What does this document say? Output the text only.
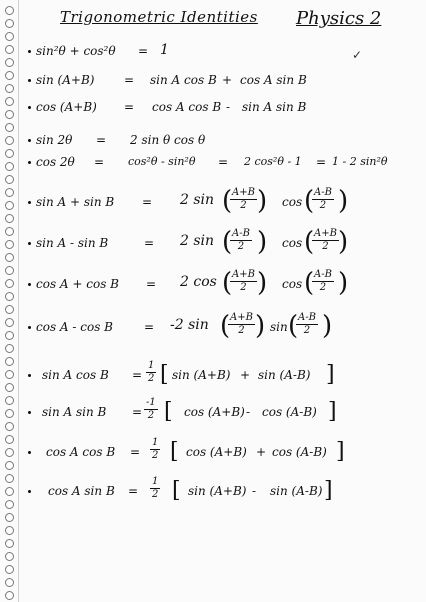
Trigonometric Identities Physics 2
✓
sin²θ + cos²θ = 1
sin (A+B) = sin A cos B + cos A sin B
cos (A+B) = cos A cos B - sin A sin B
sin 2θ = 2 sin θ cos θ
cos 2θ = cos²θ - sin²θ = 2 cos²θ - 1 = 1 - 2 sin²θ
sin A + sin B = 2 sin (
$\frac{A+B}{2}$ ) cos (
$\frac{A-B}{2}$ )
sin A - sin B	= 2 sin (
$\frac{A-B}{2}$ ) cos (
$\frac{A+B}{2}$ )
cos A + cos B = 2 cos (
$\frac{A+B}{2}$ ) cos (
$\frac{A-B}{2}$ )
cos A - cos B	= -2 sin (
$\frac{A+B}{2}$ ) sin (
$\frac{A-B}{2}$ )
sin A $\cos B = \frac{1}{2}$ [ sin (A+B) + sin (A-B) ]
sin A $\sin B = \frac{-1}{2}$ [ cos (A+B) - cos (A-B) ]
cos A $\cos B = \frac{1}{2}$ [ cos (A+B) + cos (A-B) ]
cos A $\sin B = \frac{1}{2}$ [ sin (A+B) - sin (A-B) ]
